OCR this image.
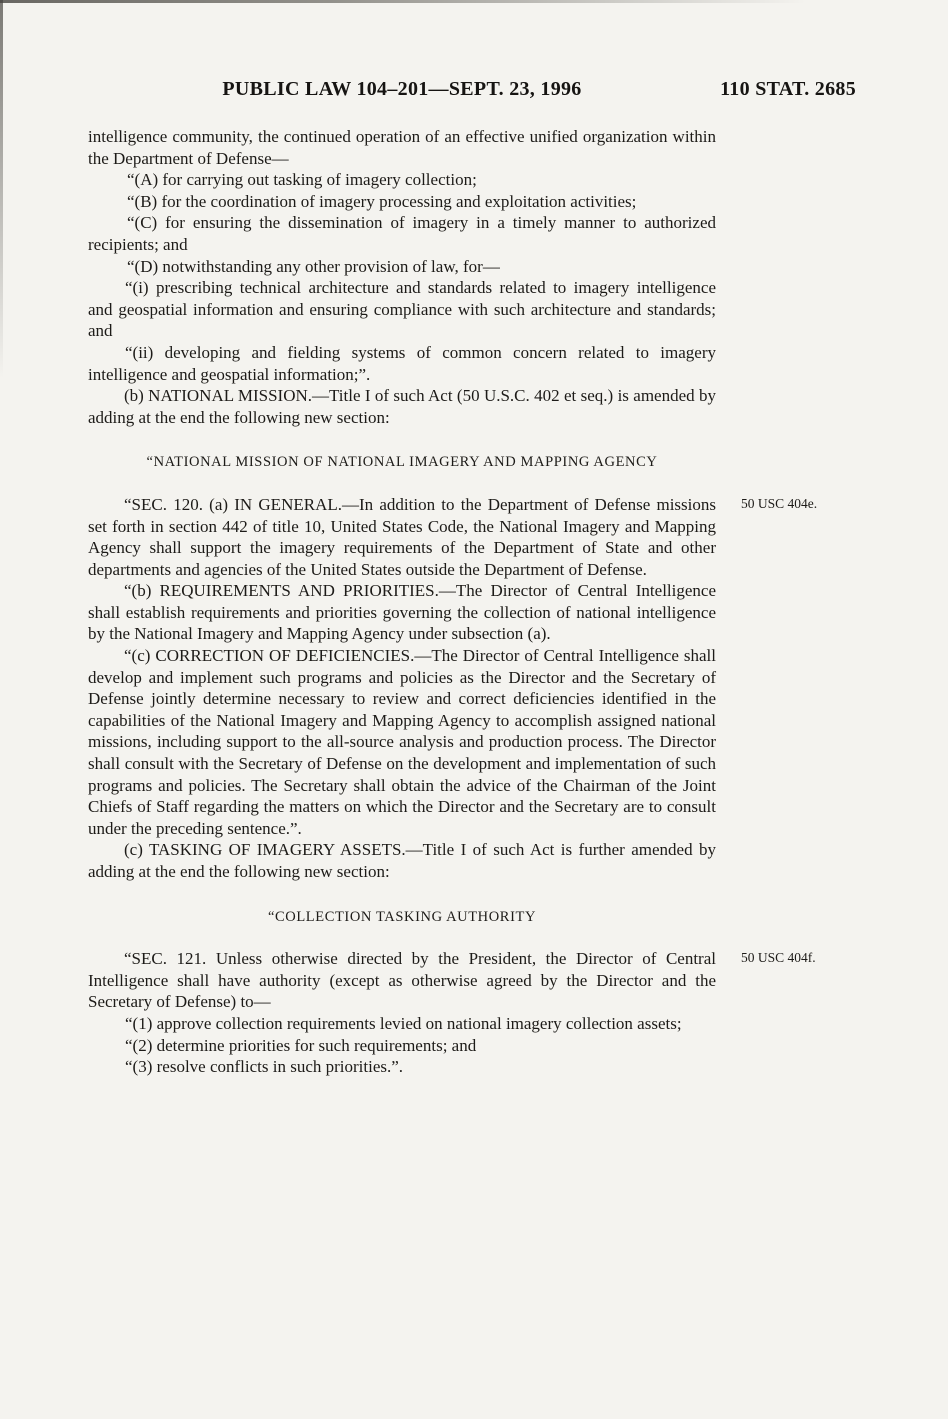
PUBLIC LAW 104–201—SEPT. 23, 1996	110 STAT. 2685

intelligence community, the continued operation of an effective unified organization within the Department of Defense—

“(A) for carrying out tasking of imagery collection;

“(B) for the coordination of imagery processing and exploitation activities;

“(C) for ensuring the dissemination of imagery in a timely manner to authorized recipients; and

“(D) notwithstanding any other provision of law, for—

“(i) prescribing technical architecture and standards related to imagery intelligence and geospatial information and ensuring compliance with such architecture and standards; and

“(ii) developing and fielding systems of common concern related to imagery intelligence and geospatial information;”.

(b) NATIONAL MISSION.—Title I of such Act (50 U.S.C. 402 et seq.) is amended by adding at the end the following new section:

“NATIONAL MISSION OF NATIONAL IMAGERY AND MAPPING AGENCY

“SEC. 120. (a) IN GENERAL.—In addition to the Department of Defense missions set forth in section 442 of title 10, United States Code, the National Imagery and Mapping Agency shall support the imagery requirements of the Department of State and other departments and agencies of the United States outside the Department of Defense.

50 USC 404e.

“(b) REQUIREMENTS AND PRIORITIES.—The Director of Central Intelligence shall establish requirements and priorities governing the collection of national intelligence by the National Imagery and Mapping Agency under subsection (a).

“(c) CORRECTION OF DEFICIENCIES.—The Director of Central Intelligence shall develop and implement such programs and policies as the Director and the Secretary of Defense jointly determine necessary to review and correct deficiencies identified in the capabilities of the National Imagery and Mapping Agency to accomplish assigned national missions, including support to the all-source analysis and production process. The Director shall consult with the Secretary of Defense on the development and implementation of such programs and policies. The Secretary shall obtain the advice of the Chairman of the Joint Chiefs of Staff regarding the matters on which the Director and the Secretary are to consult under the preceding sentence.”.

(c) TASKING OF IMAGERY ASSETS.—Title I of such Act is further amended by adding at the end the following new section:

“COLLECTION TASKING AUTHORITY

“SEC. 121. Unless otherwise directed by the President, the Director of Central Intelligence shall have authority (except as otherwise agreed by the Director and the Secretary of Defense) to—

50 USC 404f.

“(1) approve collection requirements levied on national imagery collection assets;

“(2) determine priorities for such requirements; and

“(3) resolve conflicts in such priorities.”.
